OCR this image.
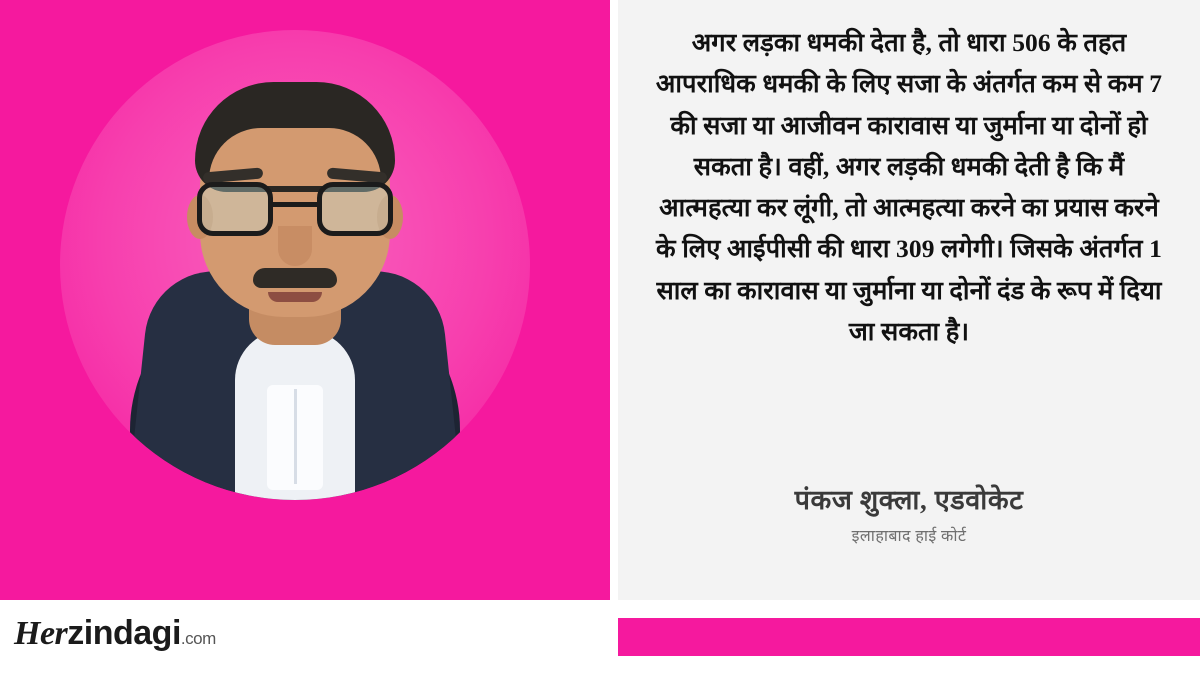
अगर लड़का धमकी देता है, तो धारा 506 के तहत आपराधिक धमकी के लिए सजा के अंतर्गत कम से कम 7 की सजा या आजीवन कारावास या जुर्माना या दोनों हो सकता है। वहीं, अगर लड़की धमकी देती है कि मैं आत्महत्या कर लूंगी, तो आत्महत्या करने का प्रयास करने के लिए आईपीसी की धारा 309 लगेगी। जिसके अंतर्गत 1 साल का कारावास या जुर्माना या दोनों दंड के रूप में दिया जा सकता है।
पंकज शुक्ला, एडवोकेट
इलाहाबाद हाई कोर्ट
Herzindagi.com
